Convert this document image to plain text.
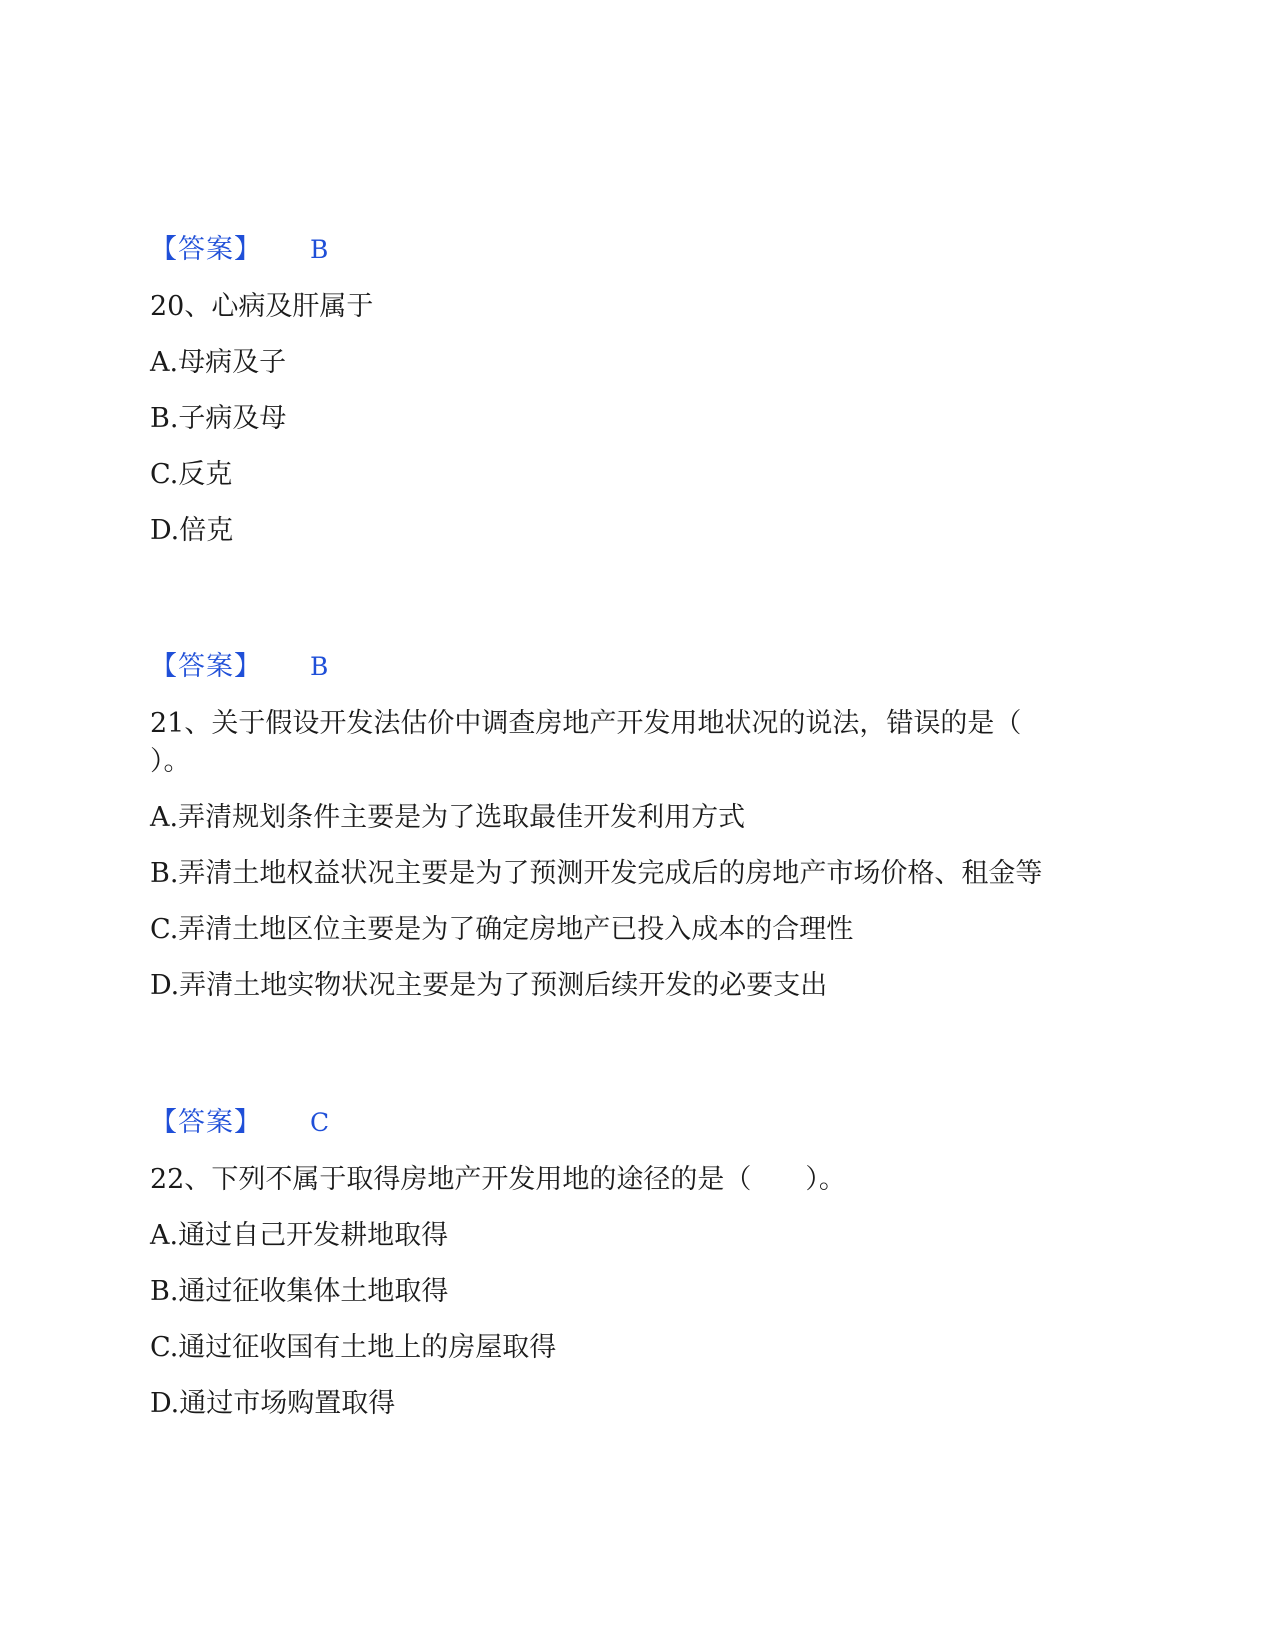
【答案】 B
20、心病及肝属于
A.母病及子
B.子病及母
C.反克
D.倍克
【答案】 B
21、关于假设开发法估价中调查房地产开发用地状况的说法，错误的是（ ）。
A.弄清规划条件主要是为了选取最佳开发利用方式
B.弄清土地权益状况主要是为了预测开发完成后的房地产市场价格、租金等
C.弄清土地区位主要是为了确定房地产已投入成本的合理性
D.弄清土地实物状况主要是为了预测后续开发的必要支出
【答案】 C
22、下列不属于取得房地产开发用地的途径的是（　　）。
A.通过自己开发耕地取得
B.通过征收集体土地取得
C.通过征收国有土地上的房屋取得
D.通过市场购置取得
